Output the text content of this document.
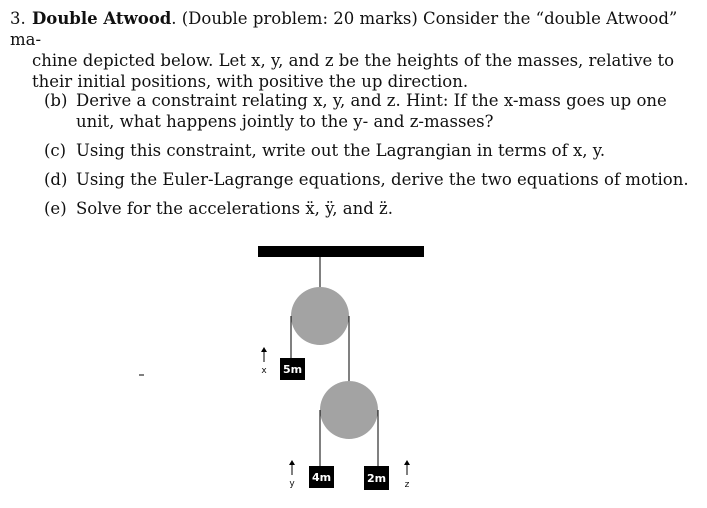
3. Double Atwood. (Double problem: 20 marks) Consider the “double Atwood” ma-
chine depicted below. Let x, y, and z be the heights of the masses, relative to their initial positions, with positive the up direction.
(b) Derive a constraint relating x, y, and z. Hint: If the x-mass goes up one unit, what happens jointly to the y- and z-masses?
(c) Using this constraint, write out the Lagrangian in terms of x, y.
(d) Using the Euler-Lagrange equations, derive the two equations of motion.
(e) Solve for the accelerations ẍ, ÿ, and z̈.
5m
4m	2m
x
y	z
